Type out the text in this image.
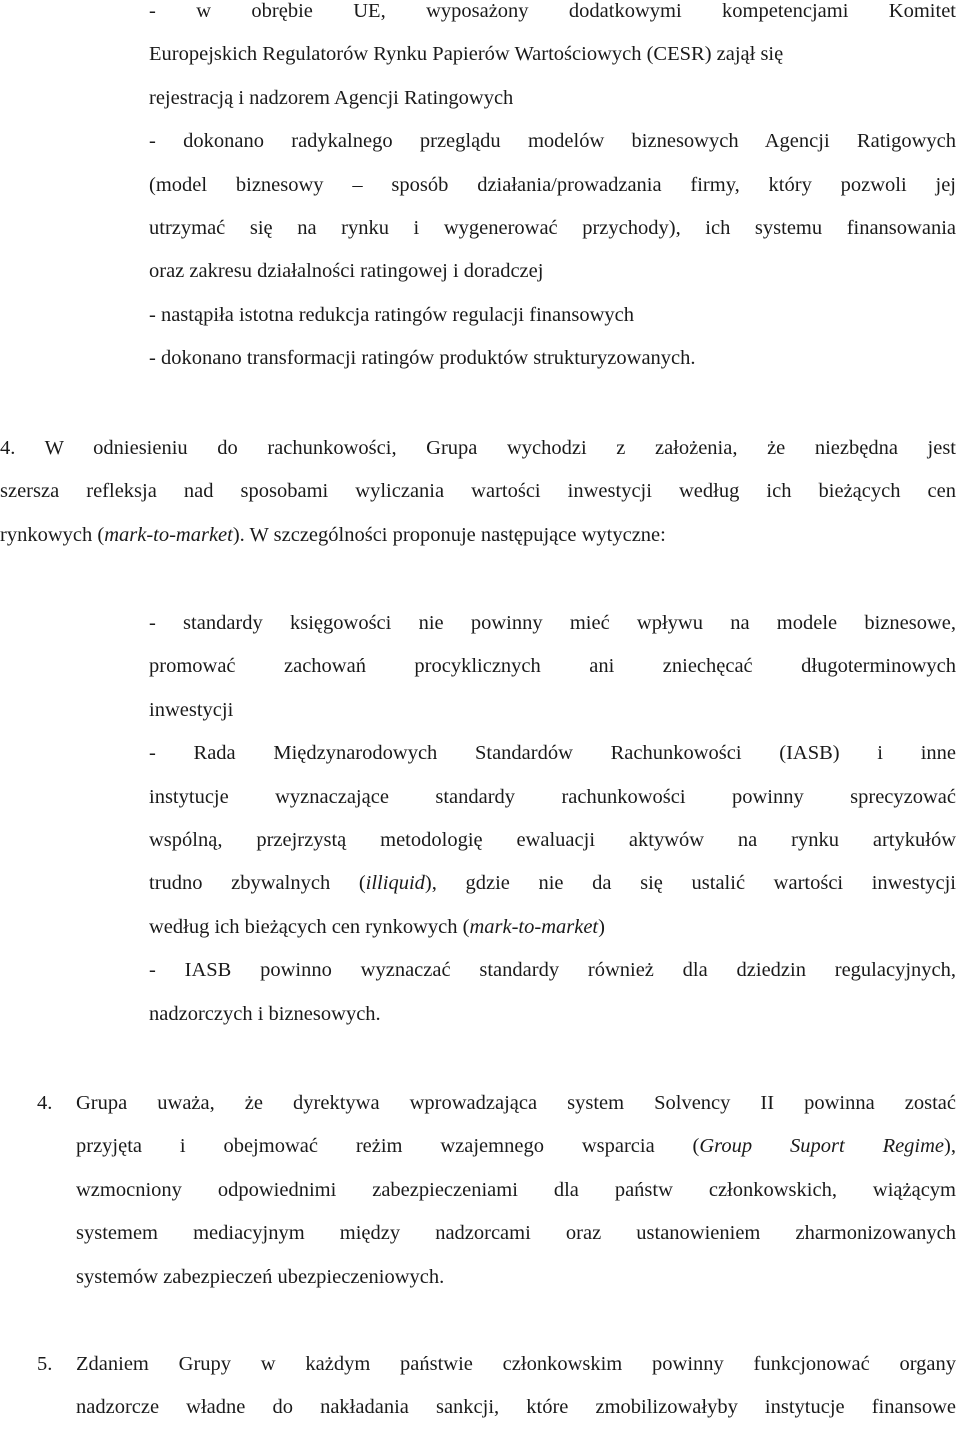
- w obrębie UE, wyposażony dodatkowymi kompetencjami Komitet
Europejskich Regulatorów Rynku Papierów Wartościowych (CESR) zajął się
rejestracją i nadzorem Agencji Ratingowych
- dokonano radykalnego przeglądu modelów biznesowych Agencji Ratigowych
(model biznesowy – sposób działania/prowadzania firmy, który pozwoli jej
utrzymać się na rynku i wygenerować przychody), ich systemu finansowania
oraz zakresu działalności ratingowej i doradczej
- nastąpiła istotna redukcja ratingów regulacji finansowych
- dokonano transformacji ratingów produktów strukturyzowanych.
4. W odniesieniu do rachunkowości, Grupa wychodzi z założenia, że niezbędna jest
szersza refleksja nad sposobami wyliczania wartości inwestycji według ich bieżących cen
rynkowych (mark-to-market). W szczególności proponuje następujące wytyczne:
- standardy księgowości nie powinny mieć wpływu na modele biznesowe,
promować zachowań procyklicznych ani zniechęcać długoterminowych
inwestycji
- Rada Międzynarodowych Standardów Rachunkowości (IASB) i inne
instytucje wyznaczające standardy rachunkowości powinny sprecyzować
wspólną, przejrzystą metodologię ewaluacji aktywów na rynku artykułów
trudno zbywalnych (illiquid), gdzie nie da się ustalić wartości inwestycji
według ich bieżących cen rynkowych (mark-to-market)
- IASB powinno wyznaczać standardy również dla dziedzin regulacyjnych,
nadzorczych i biznesowych.
4. Grupa uważa, że dyrektywa wprowadzająca system Solvency II powinna zostać
przyjęta i obejmować reżim wzajemnego wsparcia (Group Suport Regime),
wzmocniony odpowiednimi zabezpieczeniami dla państw członkowskich, wiążącym
systemem mediacyjnym między nadzorcami oraz ustanowieniem zharmonizowanych
systemów zabezpieczeń ubezpieczeniowych.
5. Zdaniem Grupy w każdym państwie członkowskim powinny funkcjonować organy
nadzorcze władne do nakładania sankcji, które zmobilizowałyby instytucje finansowe
